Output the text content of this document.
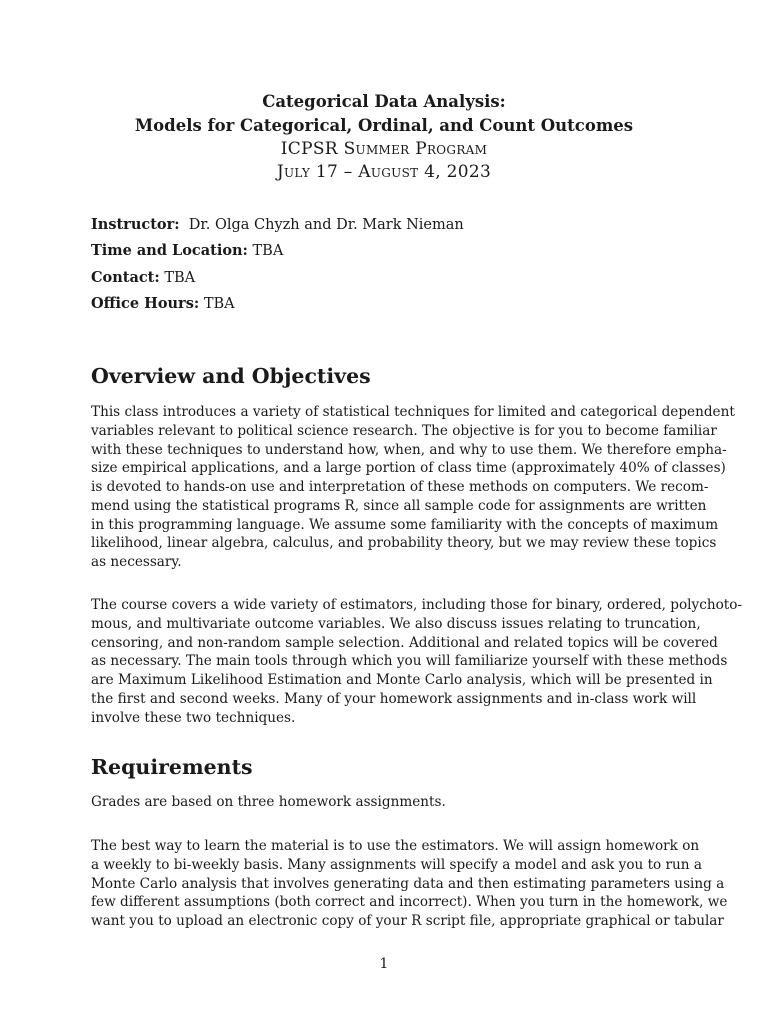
Categorical Data Analysis:
Models for Categorical, Ordinal, and Count Outcomes
ICPSR Summer Program
July 17 – August 4, 2023
Instructor: Dr. Olga Chyzh and Dr. Mark Nieman
Time and Location: TBA
Contact: TBA
Office Hours: TBA
Overview and Objectives
This class introduces a variety of statistical techniques for limited and categorical dependent
variables relevant to political science research. The objective is for you to become familiar
with these techniques to understand how, when, and why to use them. We therefore empha-
size empirical applications, and a large portion of class time (approximately 40% of classes)
is devoted to hands-on use and interpretation of these methods on computers. We recom-
mend using the statistical programs R, since all sample code for assignments are written
in this programming language. We assume some familiarity with the concepts of maximum
likelihood, linear algebra, calculus, and probability theory, but we may review these topics
as necessary.
The course covers a wide variety of estimators, including those for binary, ordered, polychoto-
mous, and multivariate outcome variables. We also discuss issues relating to truncation,
censoring, and non-random sample selection. Additional and related topics will be covered
as necessary. The main tools through which you will familiarize yourself with these methods
are Maximum Likelihood Estimation and Monte Carlo analysis, which will be presented in
the first and second weeks. Many of your homework assignments and in-class work will
involve these two techniques.
Requirements
Grades are based on three homework assignments.
The best way to learn the material is to use the estimators. We will assign homework on
a weekly to bi-weekly basis. Many assignments will specify a model and ask you to run a
Monte Carlo analysis that involves generating data and then estimating parameters using a
few different assumptions (both correct and incorrect). When you turn in the homework, we
want you to upload an electronic copy of your R script file, appropriate graphical or tabular
1
